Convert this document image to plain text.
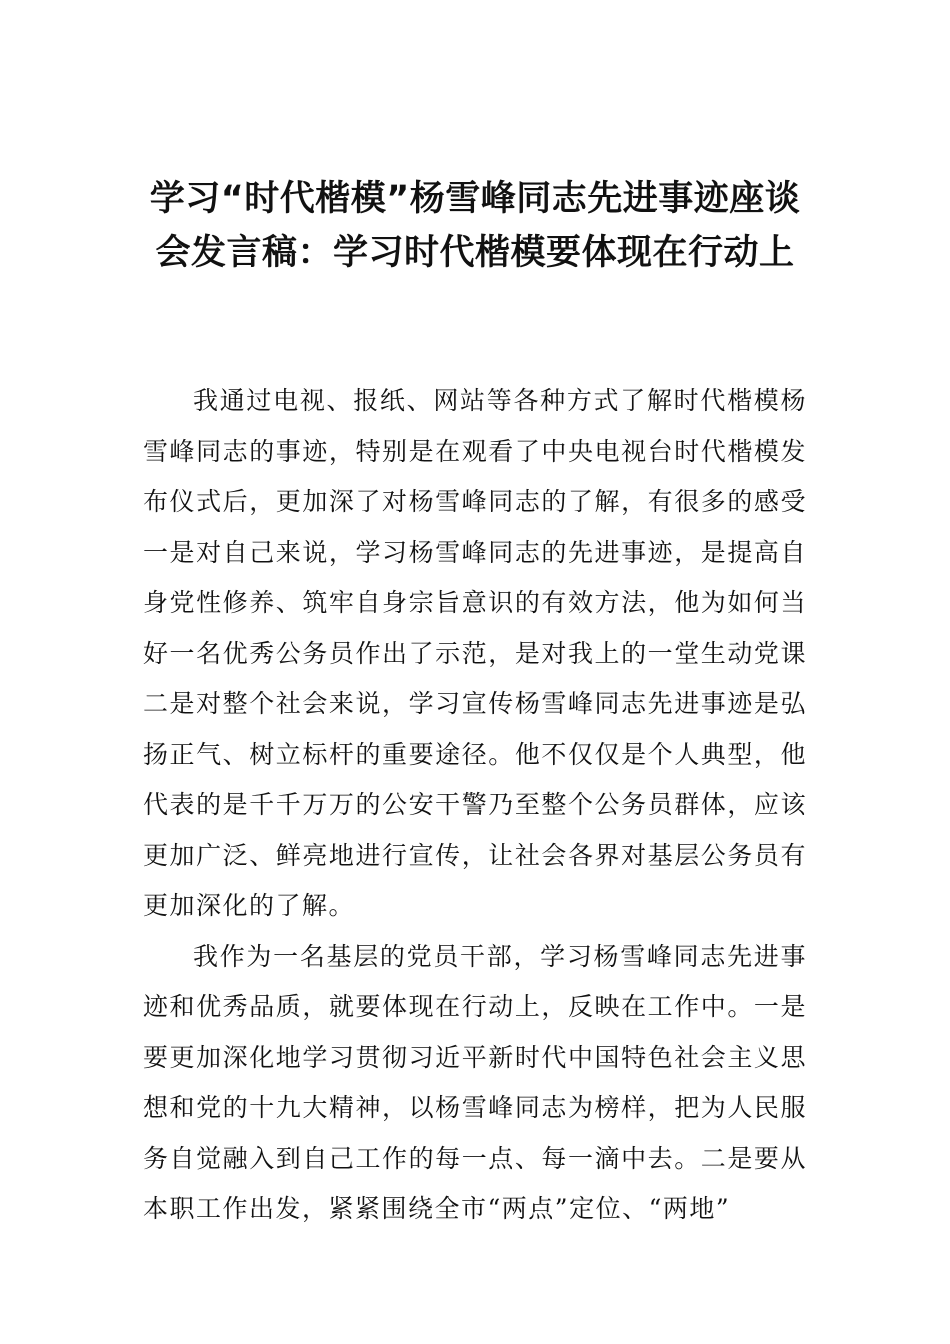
学习“时代楷模”杨雪峰同志先进事迹座谈会发言稿：学习时代楷模要体现在行动上

我通过电视、报纸、网站等各种方式了解时代楷模杨雪峰同志的事迹，特别是在观看了中央电视台时代楷模发布仪式后，更加深了对杨雪峰同志的了解，有很多的感受一是对自己来说，学习杨雪峰同志的先进事迹，是提高自身党性修养、筑牢自身宗旨意识的有效方法，他为如何当好一名优秀公务员作出了示范，是对我上的一堂生动党课二是对整个社会来说，学习宣传杨雪峰同志先进事迹是弘扬正气、树立标杆的重要途径。他不仅仅是个人典型，他代表的是千千万万的公安干警乃至整个公务员群体，应该更加广泛、鲜亮地进行宣传，让社会各界对基层公务员有更加深化的了解。

我作为一名基层的党员干部，学习杨雪峰同志先进事迹和优秀品质，就要体现在行动上，反映在工作中。一是要更加深化地学习贯彻习近平新时代中国特色社会主义思想和党的十九大精神，以杨雪峰同志为榜样，把为人民服务自觉融入到自己工作的每一点、每一滴中去。二是要从本职工作出发，紧紧围绕全市“两点”定位、“两地”
